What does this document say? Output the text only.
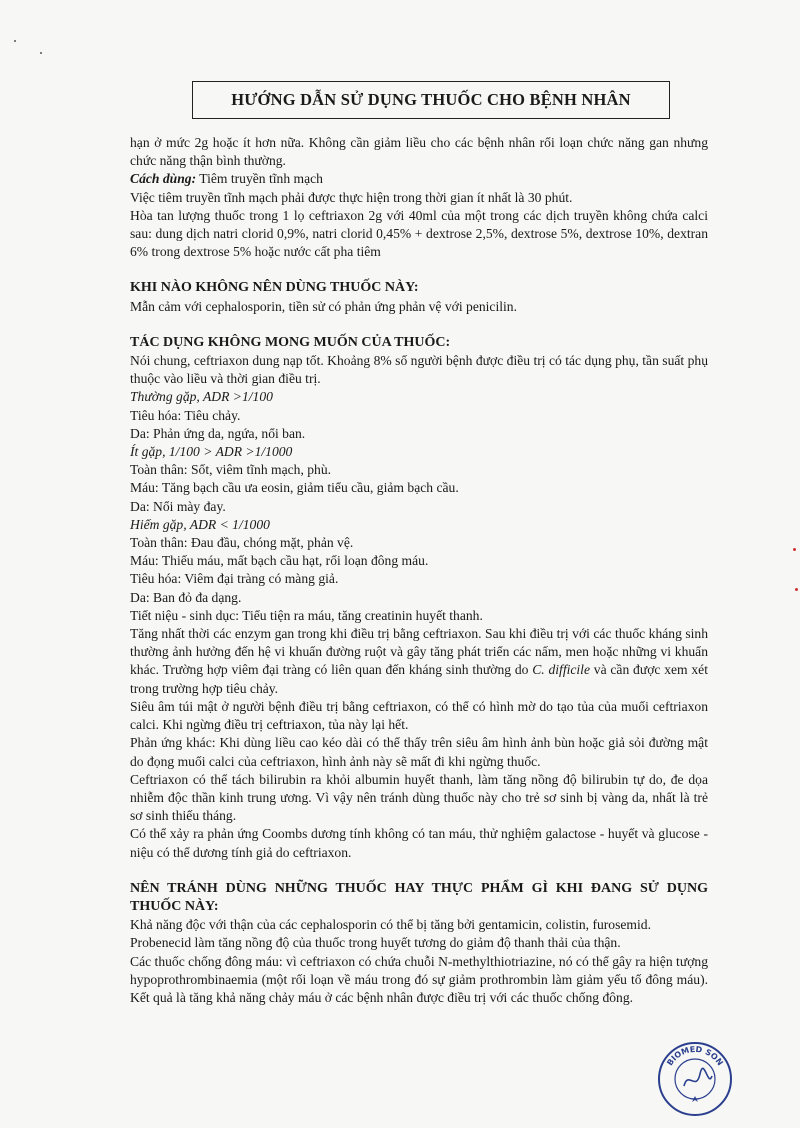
HƯỚNG DẪN SỬ DỤNG THUỐC CHO BỆNH NHÂN

hạn ở mức 2g hoặc ít hơn nữa. Không cần giảm liều cho các bệnh nhân rối loạn chức năng gan nhưng chức năng thận bình thường.

Cách dùng: Tiêm truyền tĩnh mạch

Việc tiêm truyền tĩnh mạch phải được thực hiện trong thời gian ít nhất là 30 phút.

Hòa tan lượng thuốc trong 1 lọ ceftriaxon 2g với 40ml của một trong các dịch truyền không chứa calci sau: dung dịch natri clorid 0,9%, natri clorid 0,45% + dextrose 2,5%, dextrose 5%, dextrose 10%, dextran 6% trong dextrose 5% hoặc nước cất pha tiêm

KHI NÀO KHÔNG NÊN DÙNG THUỐC NÀY:

Mẫn cảm với cephalosporin, tiền sử có phản ứng phản vệ với penicilin.

TÁC DỤNG KHÔNG MONG MUỐN CỦA THUỐC:

Nói chung, ceftriaxon dung nạp tốt. Khoảng 8% số người bệnh được điều trị có tác dụng phụ, tần suất phụ thuộc vào liều và thời gian điều trị.

Thường gặp, ADR >1/100

Tiêu hóa: Tiêu chảy.

Da: Phản ứng da, ngứa, nổi ban.

Ít gặp, 1/100 > ADR >1/1000

Toàn thân: Sốt, viêm tĩnh mạch, phù.

Máu: Tăng bạch cầu ưa eosin, giảm tiểu cầu, giảm bạch cầu.

Da: Nổi mày đay.

Hiếm gặp, ADR < 1/1000

Toàn thân: Đau đầu, chóng mặt, phản vệ.

Máu: Thiếu máu, mất bạch cầu hạt, rối loạn đông máu.

Tiêu hóa: Viêm đại tràng có màng giả.

Da: Ban đỏ đa dạng.

Tiết niệu - sinh dục: Tiểu tiện ra máu, tăng creatinin huyết thanh.

Tăng nhất thời các enzym gan trong khi điều trị bằng ceftriaxon. Sau khi điều trị với các thuốc kháng sinh thường ảnh hưởng đến hệ vi khuẩn đường ruột và gây tăng phát triển các nấm, men hoặc những vi khuẩn khác. Trường hợp viêm đại tràng có liên quan đến kháng sinh thường do C. difficile và cần được xem xét trong trường hợp tiêu chảy.

Siêu âm túi mật ở người bệnh điều trị bằng ceftriaxon, có thể có hình mờ do tạo tủa của muối ceftriaxon calci. Khi ngừng điều trị ceftriaxon, tủa này lại hết.

Phản ứng khác: Khi dùng liều cao kéo dài có thể thấy trên siêu âm hình ảnh bùn hoặc giả sỏi đường mật do đọng muối calci của ceftriaxon, hình ảnh này sẽ mất đi khi ngừng thuốc.

Ceftriaxon có thể tách bilirubin ra khỏi albumin huyết thanh, làm tăng nồng độ bilirubin tự do, đe dọa nhiễm độc thần kinh trung ương. Vì vậy nên tránh dùng thuốc này cho trẻ sơ sinh bị vàng da, nhất là trẻ sơ sinh thiếu tháng.

Có thể xảy ra phản ứng Coombs dương tính không có tan máu, thử nghiệm galactose - huyết và glucose - niệu có thể dương tính giả do ceftriaxon.

NÊN TRÁNH DÙNG NHỮNG THUỐC HAY THỰC PHẨM GÌ KHI ĐANG SỬ DỤNG THUỐC NÀY:

Khả năng độc với thận của các cephalosporin có thể bị tăng bởi gentamicin, colistin, furosemid.

Probenecid làm tăng nồng độ của thuốc trong huyết tương do giảm độ thanh thải của thận.

Các thuốc chống đông máu: vì ceftriaxon có chứa chuỗi N-methylthiotriazine, nó có thể gây ra hiện tượng hypoprothrombinaemia (một rối loạn về máu trong đó sự giảm prothrombin làm giảm yếu tố đông máu). Kết quả là tăng khả năng chảy máu ở các bệnh nhân được điều trị với các thuốc chống đông.

BIOMED SON
